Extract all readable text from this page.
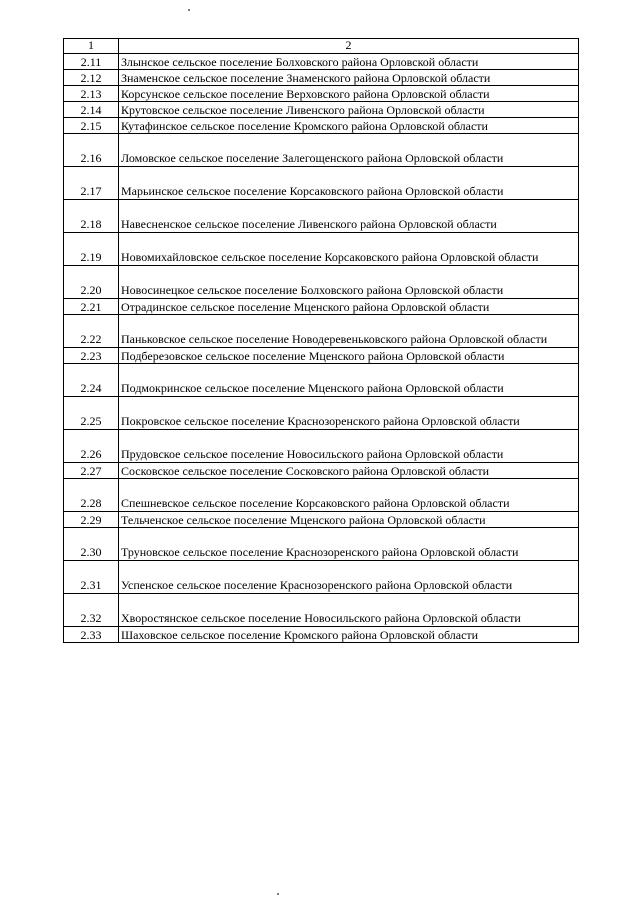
1	2
2.11	Злынское сельское поселение Болховского района Орловской области
2.12	Знаменское сельское поселение Знаменского района Орловской области
2.13	Корсунское сельское поселение Верховского района Орловской области
2.14	Крутовское сельское поселение Ливенского района Орловской области
2.15	Кутафинское сельское поселение Кромского района Орловской области
2.16	Ломовское сельское поселение Залегощенского района Орловской области
2.17	Марьинское сельское поселение Корсаковского района Орловской области
2.18	Навесненское сельское поселение Ливенского района Орловской области
2.19	Новомихайловское сельское поселение Корсаковского района Орловской области
2.20	Новосинецкое сельское поселение Болховского района Орловской области
2.21	Отрадинское сельское поселение Мценского района Орловской области
2.22	Паньковское сельское поселение Новодеревеньковского района Орловской области
2.23	Подберезовское сельское поселение Мценского района Орловской области
2.24	Подмокринское сельское поселение Мценского района Орловской области
2.25	Покровское сельское поселение Краснозоренского района Орловской области
2.26	Прудовское сельское поселение Новосильского района Орловской области
2.27	Сосковское сельское поселение Сосковского района Орловской области
2.28	Спешневское сельское поселение Корсаковского района Орловской области
2.29	Тельченское сельское поселение Мценского района Орловской области
2.30	Труновское сельское поселение Краснозоренского района Орловской области
2.31	Успенское сельское поселение Краснозоренского района Орловской области
2.32	Хворостянское сельское поселение Новосильского района Орловской области
2.33	Шаховское сельское поселение Кромского района Орловской области
